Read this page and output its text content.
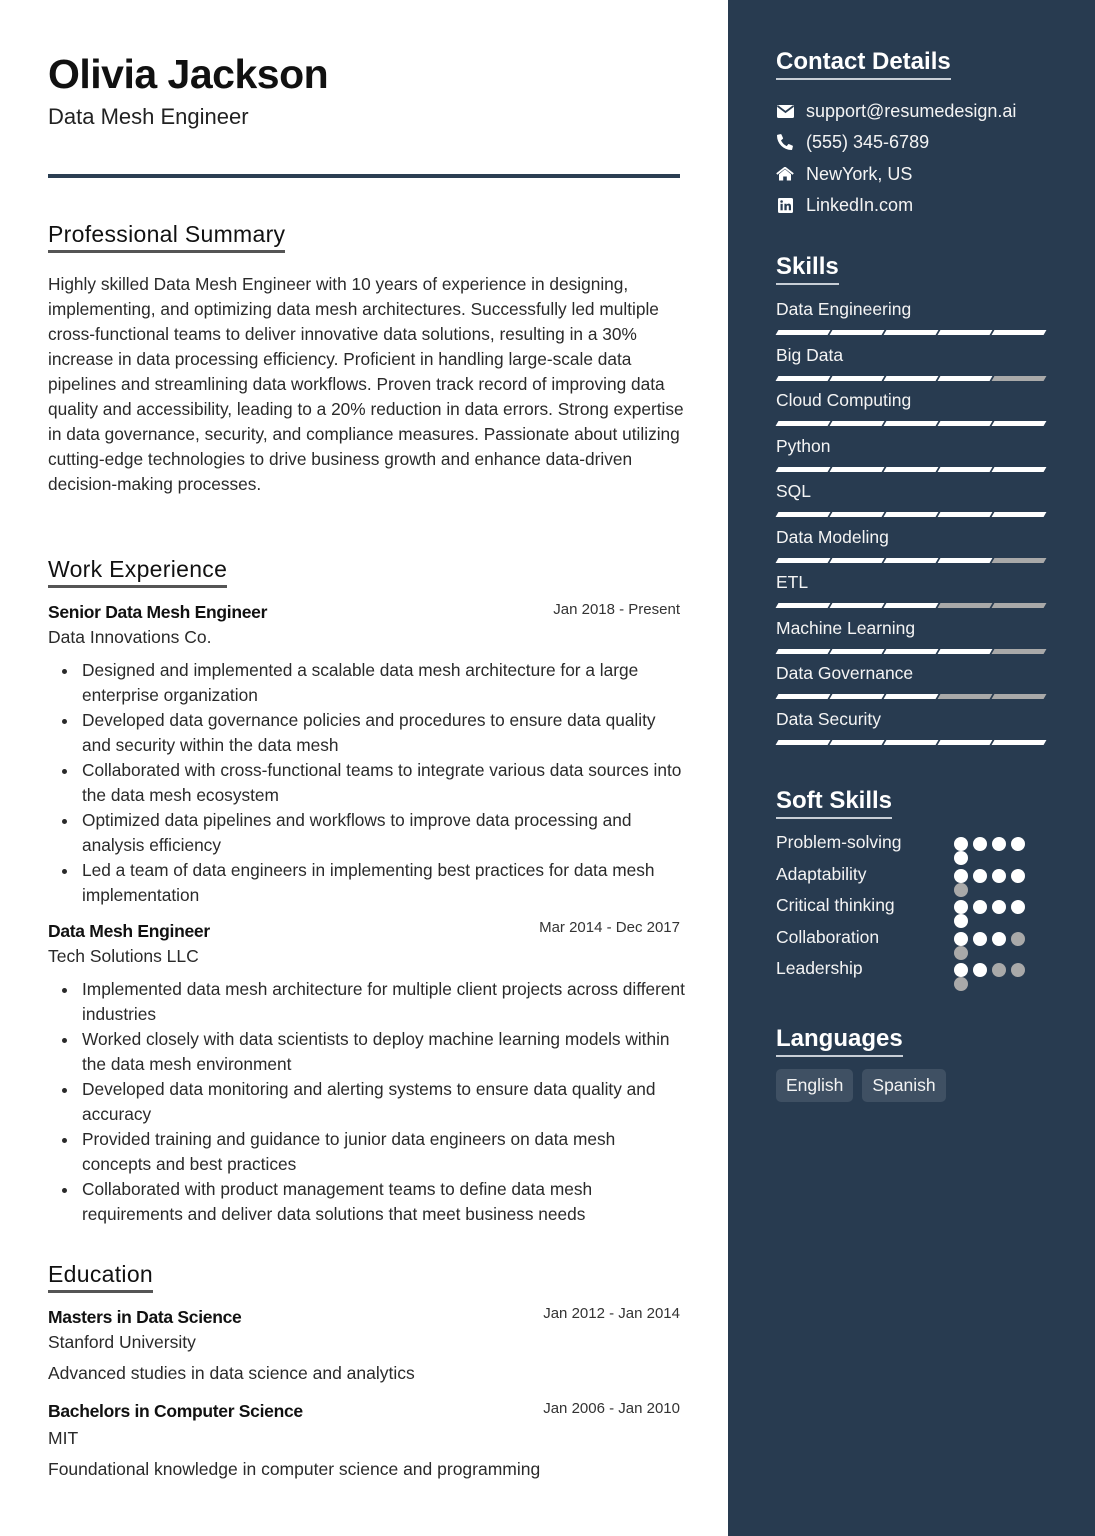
Olivia Jackson
Data Mesh Engineer
Professional Summary

Highly skilled Data Mesh Engineer with 10 years of experience in designing, implementing, and optimizing data mesh architectures. Successfully led multiple cross-functional teams to deliver innovative data solutions, resulting in a 30% increase in data processing efficiency. Proficient in handling large-scale data pipelines and streamlining data workflows. Proven track record of improving data quality and accessibility, leading to a 20% reduction in data errors. Strong expertise in data governance, security, and compliance measures. Passionate about utilizing cutting-edge technologies to drive business growth and enhance data-driven decision-making processes.

Work Experience
Senior Data Mesh Engineer	Jan 2018 - Present
Data Innovations Co.
Designed and implemented a scalable data mesh architecture for a large enterprise organization
Developed data governance policies and procedures to ensure data quality and security within the data mesh
Collaborated with cross-functional teams to integrate various data sources into the data mesh ecosystem
Optimized data pipelines and workflows to improve data processing and analysis efficiency
Led a team of data engineers in implementing best practices for data mesh implementation
Data Mesh Engineer	Mar 2014 - Dec 2017
Tech Solutions LLC
Implemented data mesh architecture for multiple client projects across different industries
Worked closely with data scientists to deploy machine learning models within the data mesh environment
Developed data monitoring and alerting systems to ensure data quality and accuracy
Provided training and guidance to junior data engineers on data mesh concepts and best practices
Collaborated with product management teams to define data mesh requirements and deliver data solutions that meet business needs
Education
Masters in Data Science	Jan 2012 - Jan 2014
Stanford University
Advanced studies in data science and analytics
Bachelors in Computer Science	Jan 2006 - Jan 2010
MIT
Foundational knowledge in computer science and programming
Contact Details
support@resumedesign.ai
(555) 345-6789
NewYork, US
LinkedIn.com
Skills
Data Engineering
Big Data
Cloud Computing
Python
SQL
Data Modeling
ETL
Machine Learning
Data Governance
Data Security
Soft Skills
Problem-solving
Adaptability
Critical thinking
Collaboration
Leadership
Languages
English	Spanish
